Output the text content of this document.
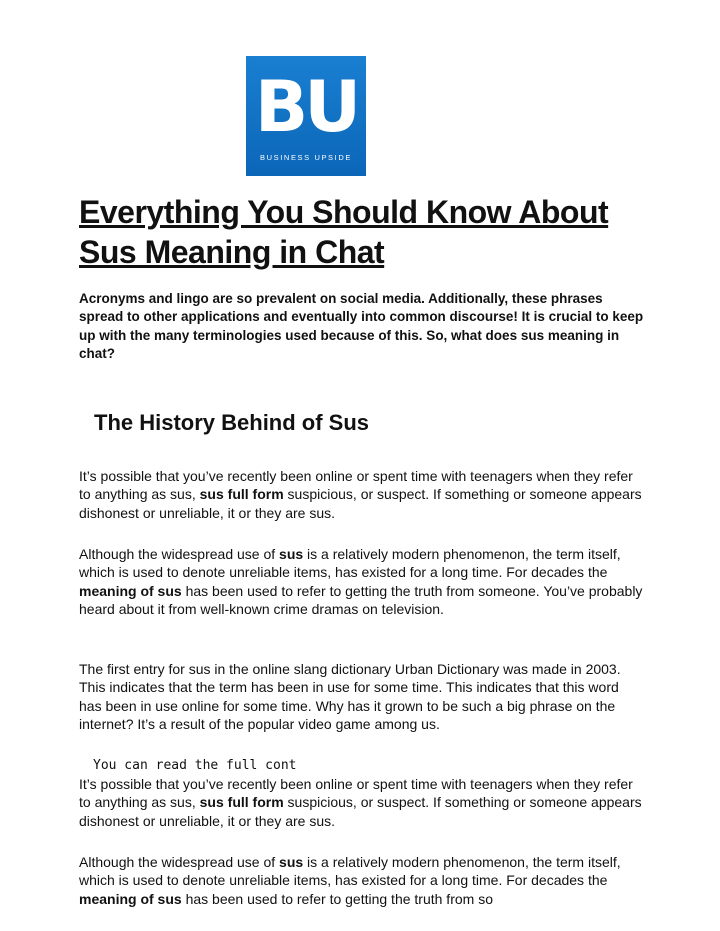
BU
BUSINESS UPSIDE
Everything You Should Know About Sus Meaning in Chat

Acronyms and lingo are so prevalent on social media. Additionally, these phrases spread to other applications and eventually into common discourse! It is crucial to keep up with the many terminologies used because of this. So, what does sus meaning in chat?

The History Behind of Sus

It’s possible that you’ve recently been online or spent time with teenagers when they refer to anything as sus, sus full form suspicious, or suspect. If something or someone appears dishonest or unreliable, it or they are sus.

Although the widespread use of sus is a relatively modern phenomenon, the term itself, which is used to denote unreliable items, has existed for a long time. For decades the meaning of sus has been used to refer to getting the truth from someone. You’ve probably heard about it from well-known crime dramas on television.

The first entry for sus in the online slang dictionary Urban Dictionary was made in 2003. This indicates that the term has been in use for some time. This indicates that this word has been in use online for some time. Why has it grown to be such a big phrase on the internet? It’s a result of the popular video game among us.

You can read the full cont

It’s possible that you’ve recently been online or spent time with teenagers when they refer to anything as sus, sus full form suspicious, or suspect. If something or someone appears dishonest or unreliable, it or they are sus.

Although the widespread use of sus is a relatively modern phenomenon, the term itself, which is used to denote unreliable items, has existed for a long time. For decades the meaning of sus has been used to refer to getting the truth from so
